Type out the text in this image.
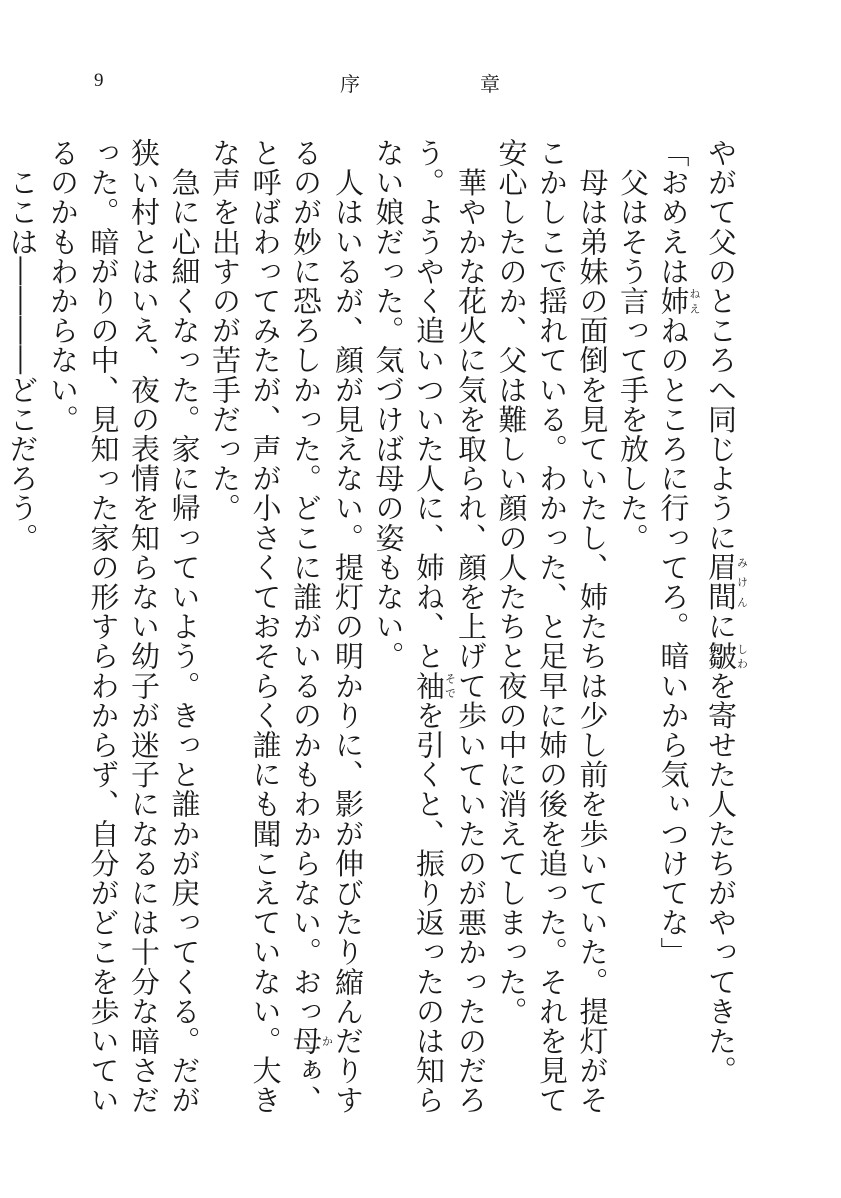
9	序	章

やがて父のところへ同じように眉間みけんに皺しわを寄せた人たちがやってきた。

「おめえは姉ねえねのところに行ってろ。暗いから気ぃつけてな」

　父はそう言って手を放した。

　母は弟妹の面倒を見ていたし、姉たちは少し前を歩いていた。提灯がそこかしこで揺れている。わかった、と足早に姉の後を追った。それを見て安心したのか、父は難しい顔の人たちと夜の中に消えてしまった。

　華やかな花火に気を取られ、顔を上げて歩いていたのが悪かったのだろう。ようやく追いついた人に、姉ね、と袖そでを引くと、振り返ったのは知らない娘だった。気づけば母の姿もない。

　人はいるが、顔が見えない。提灯の明かりに、影が伸びたり縮んだりするのが妙に恐ろしかった。どこに誰がいるのかもわからない。おっ母かぁ、と呼ばわってみたが、声が小さくておそらく誰にも聞こえていない。大きな声を出すのが苦手だった。

　急に心細くなった。家に帰っていよう。きっと誰かが戻ってくる。だが狭い村とはいえ、夜の表情を知らない幼子が迷子になるには十分な暗さだった。暗がりの中、見知った家の形すらわからず、自分がどこを歩いているのかもわからない。

　ここは――――どこだろう。
